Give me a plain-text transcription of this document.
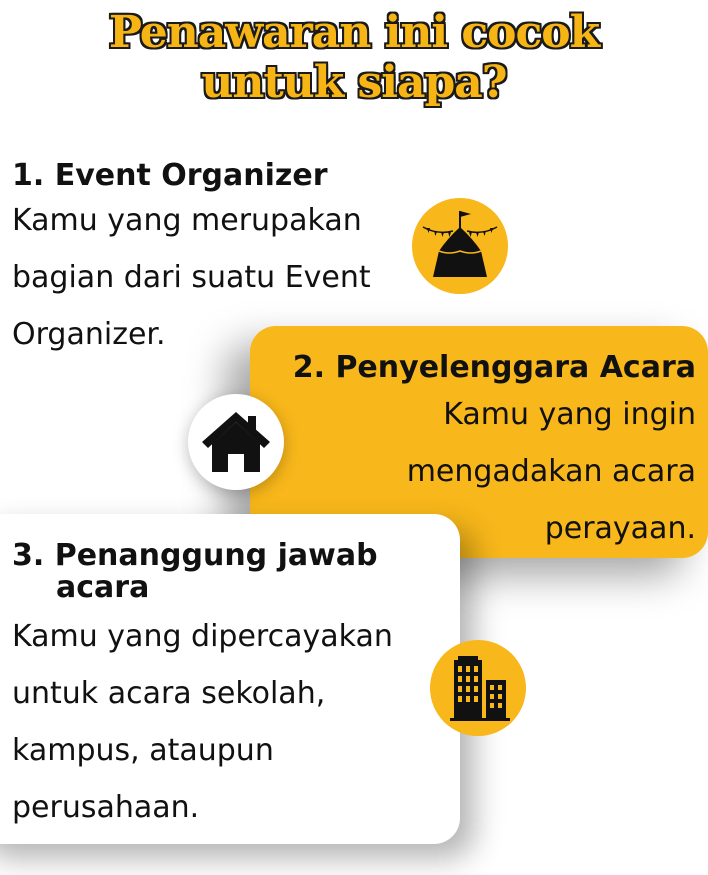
Penawaran ini cocok
untuk siapa?
1. Event Organizer
Kamu yang merupakan bagian dari suatu Event Organizer.
2. Penyelenggara Acara
Kamu yang ingin mengadakan acara perayaan.
3. Penanggung jawab
acara
Kamu yang dipercayakan untuk acara sekolah, kampus, ataupun perusahaan.
